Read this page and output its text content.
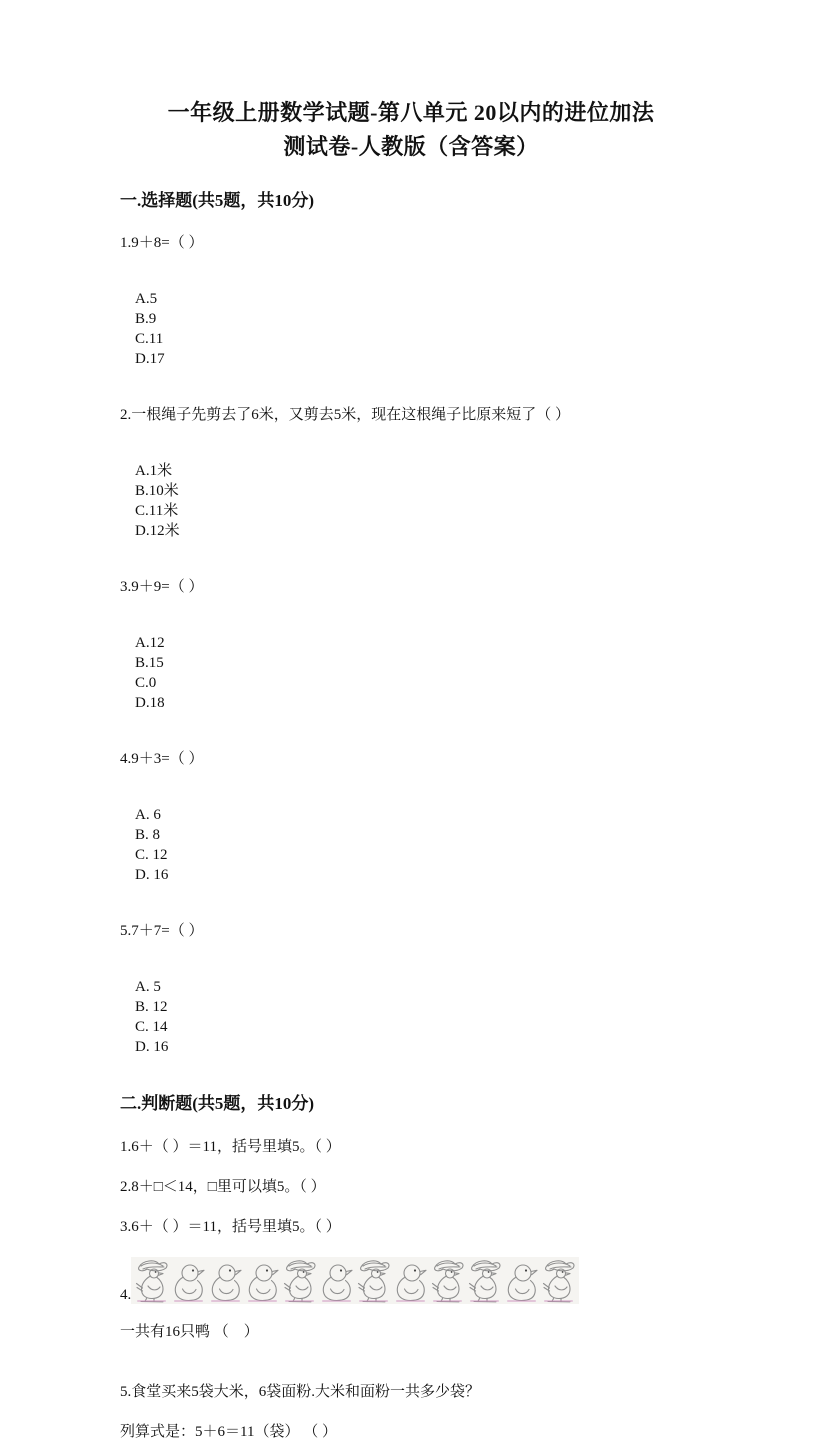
一年级上册数学试题-第八单元 20以内的进位加法
测试卷-人教版（含答案）
一.选择题(共5题，共10分)

1.9＋8=（ ）

A.5
B.9
C.11
D.17

2.一根绳子先剪去了6米，又剪去5米，现在这根绳子比原来短了（ ）

A.1米
B.10米
C.11米
D.12米

3.9＋9=（ ）

A.12
B.15
C.0
D.18

4.9＋3=（ ）

A. 6
B. 8
C. 12
D. 16

5.7＋7=（ ）

A. 5
B. 12
C. 14
D. 16

二.判断题(共5题，共10分)

1.6＋（ ）＝11，括号里填5。（ ）

2.8＋□＜14，□里可以填5。（ ）

3.6＋（ ）＝11，括号里填5。（ ）

4.

一共有16只鸭 （　）

5.食堂买来5袋大米，6袋面粉.大米和面粉一共多少袋？

列算式是：5＋6＝11（袋） （ ）
